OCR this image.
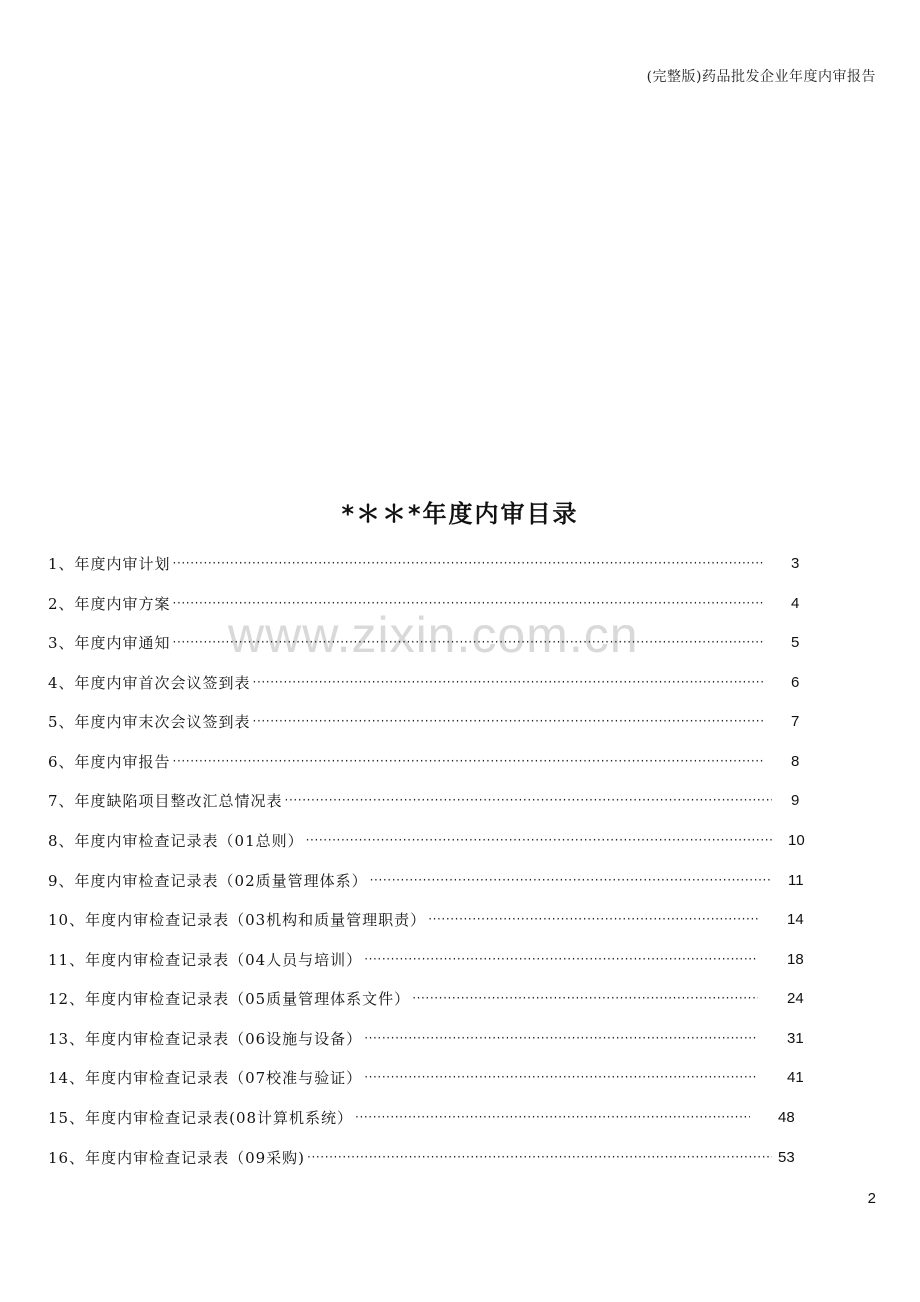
(完整版)药品批发企业年度内审报告
*＊＊*年度内审目录
www.zixin.com.cn
1、年度内审计划 ·····	3
2、年度内审方案 ·····	4
3、年度内审通知 ·····	5
4、年度内审首次会议签到表 ·····	6
5、年度内审末次会议签到表 ·····	7
6、年度内审报告 ·····	8
7、年度缺陷项目整改汇总情况表 ·····	9
8、年度内审检查记录表（01总则） ·····	10
9、年度内审检查记录表（02质量管理体系） ·····	11
10、年度内审检查记录表（03机构和质量管理职责） ·····	14
11、年度内审检查记录表（04人员与培训） ·····	18
12、年度内审检查记录表（05质量管理体系文件） ·····	24
13、年度内审检查记录表（06设施与设备） ·····	31
14、年度内审检查记录表（07校准与验证） ·····	41
15、年度内审检查记录表(08计算机系统） ·····	48
16、年度内审检查记录表（09采购) ·····	53
2
